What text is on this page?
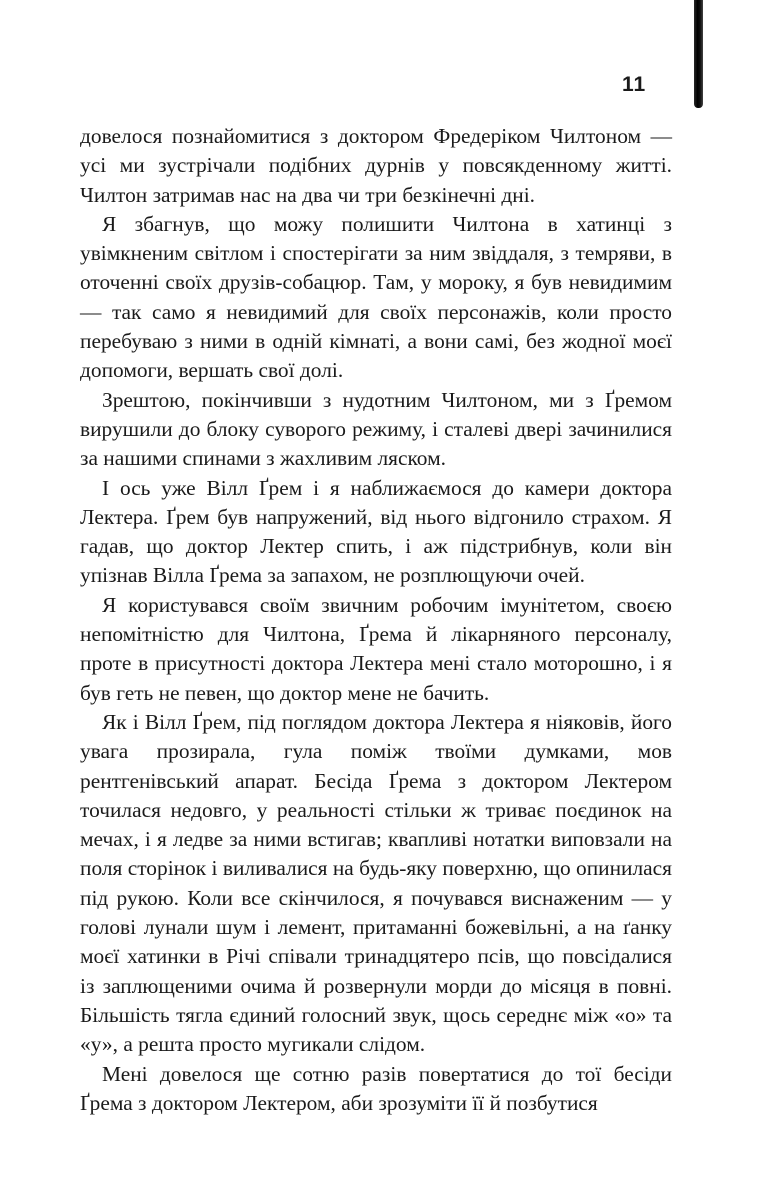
11

довелося познайомитися з доктором Фредеріком Чилтоном — усі ми зустрічали подібних дурнів у повсякденному житті. Чилтон затримав нас на два чи три безкінечні дні.

Я збагнув, що можу полишити Чилтона в хатинці з увімкненим світлом і спостерігати за ним звіддаля, з темряви, в оточенні своїх друзів-собацюр. Там, у мороку, я був невидимим — так само я невидимий для своїх персонажів, коли просто перебуваю з ними в одній кімнаті, а вони самі, без жодної моєї допомоги, вершать свої долі.

Зрештою, покінчивши з нудотним Чилтоном, ми з Ґремом вирушили до блоку суворого режиму, і сталеві двері зачинилися за нашими спинами з жахливим ляском.

І ось уже Вілл Ґрем і я наближаємося до камери доктора Лектера. Ґрем був напружений, від нього відгонило страхом. Я гадав, що доктор Лектер спить, і аж підстрибнув, коли він упізнав Вілла Ґрема за запахом, не розплющуючи очей.

Я користувався своїм звичним робочим імунітетом, своєю непомітністю для Чилтона, Ґрема й лікарняного персоналу, проте в присутності доктора Лектера мені стало моторошно, і я був геть не певен, що доктор мене не бачить.

Як і Вілл Ґрем, під поглядом доктора Лектера я ніяковів, його увага прозирала, гула поміж твоїми думками, мов рентгенівський апарат. Бесіда Ґрема з доктором Лектером точилася недовго, у реальності стільки ж триває поєдинок на мечах, і я ледве за ними встигав; квапливі нотатки виповзали на поля сторінок і виливалися на будь-яку поверхню, що опинилася під рукою. Коли все скінчилося, я почувався виснаженим — у голові лунали шум і лемент, притаманні божевільні, а на ґанку моєї хатинки в Річі співали тринадцятеро псів, що повсідалися із заплющеними очима й розвернули морди до місяця в повні. Більшість тягла єдиний голосний звук, щось середнє між «о» та «у», а решта просто мугикали слідом.

Мені довелося ще сотню разів повертатися до тої бесіди Ґрема з доктором Лектером, аби зрозуміти її й позбутися
